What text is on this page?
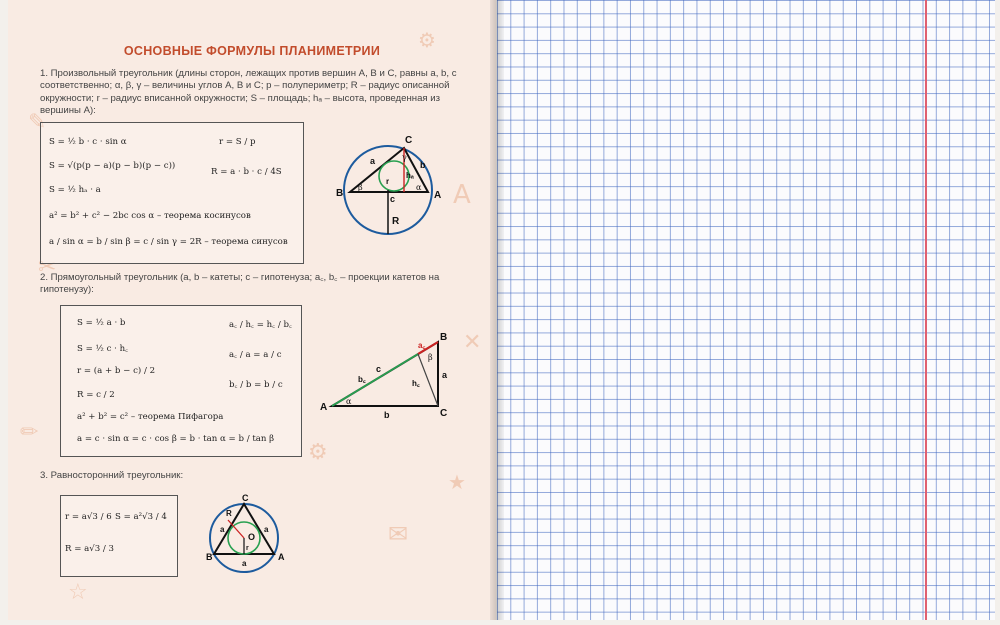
✎
⚙
A
✂
✕
⚙
✉
☆
★
✏
ОСНОВНЫЕ ФОРМУЛЫ ПЛАНИМЕТРИИ
1. Произвольный треугольник (длины сторон, лежащих против вершин A, B и C, равны a, b, c соответственно; α, β, γ – величины углов A, B и C; p – полупериметр; R – радиус описанной окружности; r – радиус вписанной окружности; S – площадь; hₐ – высота, проведенная из вершины A):
S = ½ b · c · sin α
S = √(p(p − a)(p − b)(p − c))
S = ½ hₐ · a
a² = b² + c² − 2bc cos α – теорема косинусов
a / sin α = b / sin β = c / sin γ = 2R – теорема синусов
r = S / p
R = a · b · c / 4S
C
B	A
a	b
c
R
r
hₐ
β	α
γ
2. Прямоугольный треугольник (a, b – катеты; c – гипотенуза; a꜀, b꜀ – проекции катетов на гипотенузу):
S = ½ a · b
S = ½ c · h꜀
r = (a + b − c) / 2
R = c / 2
a² + b² = c² – теорема Пифагора
a = c · sin α = c · cos β = b · tan α = b / tan β
a꜀ / h꜀ = h꜀ / b꜀
a꜀ / a = a / c
b꜀ / b = b / c
B
A
C
a
b
c
a꜀
b꜀	h꜀
α
β
3. Равносторонний треугольник:
r = a√3 / 6 S = a²√3 / 4
R = a√3 / 3
C
B	A
a	a
a
R
O
r
